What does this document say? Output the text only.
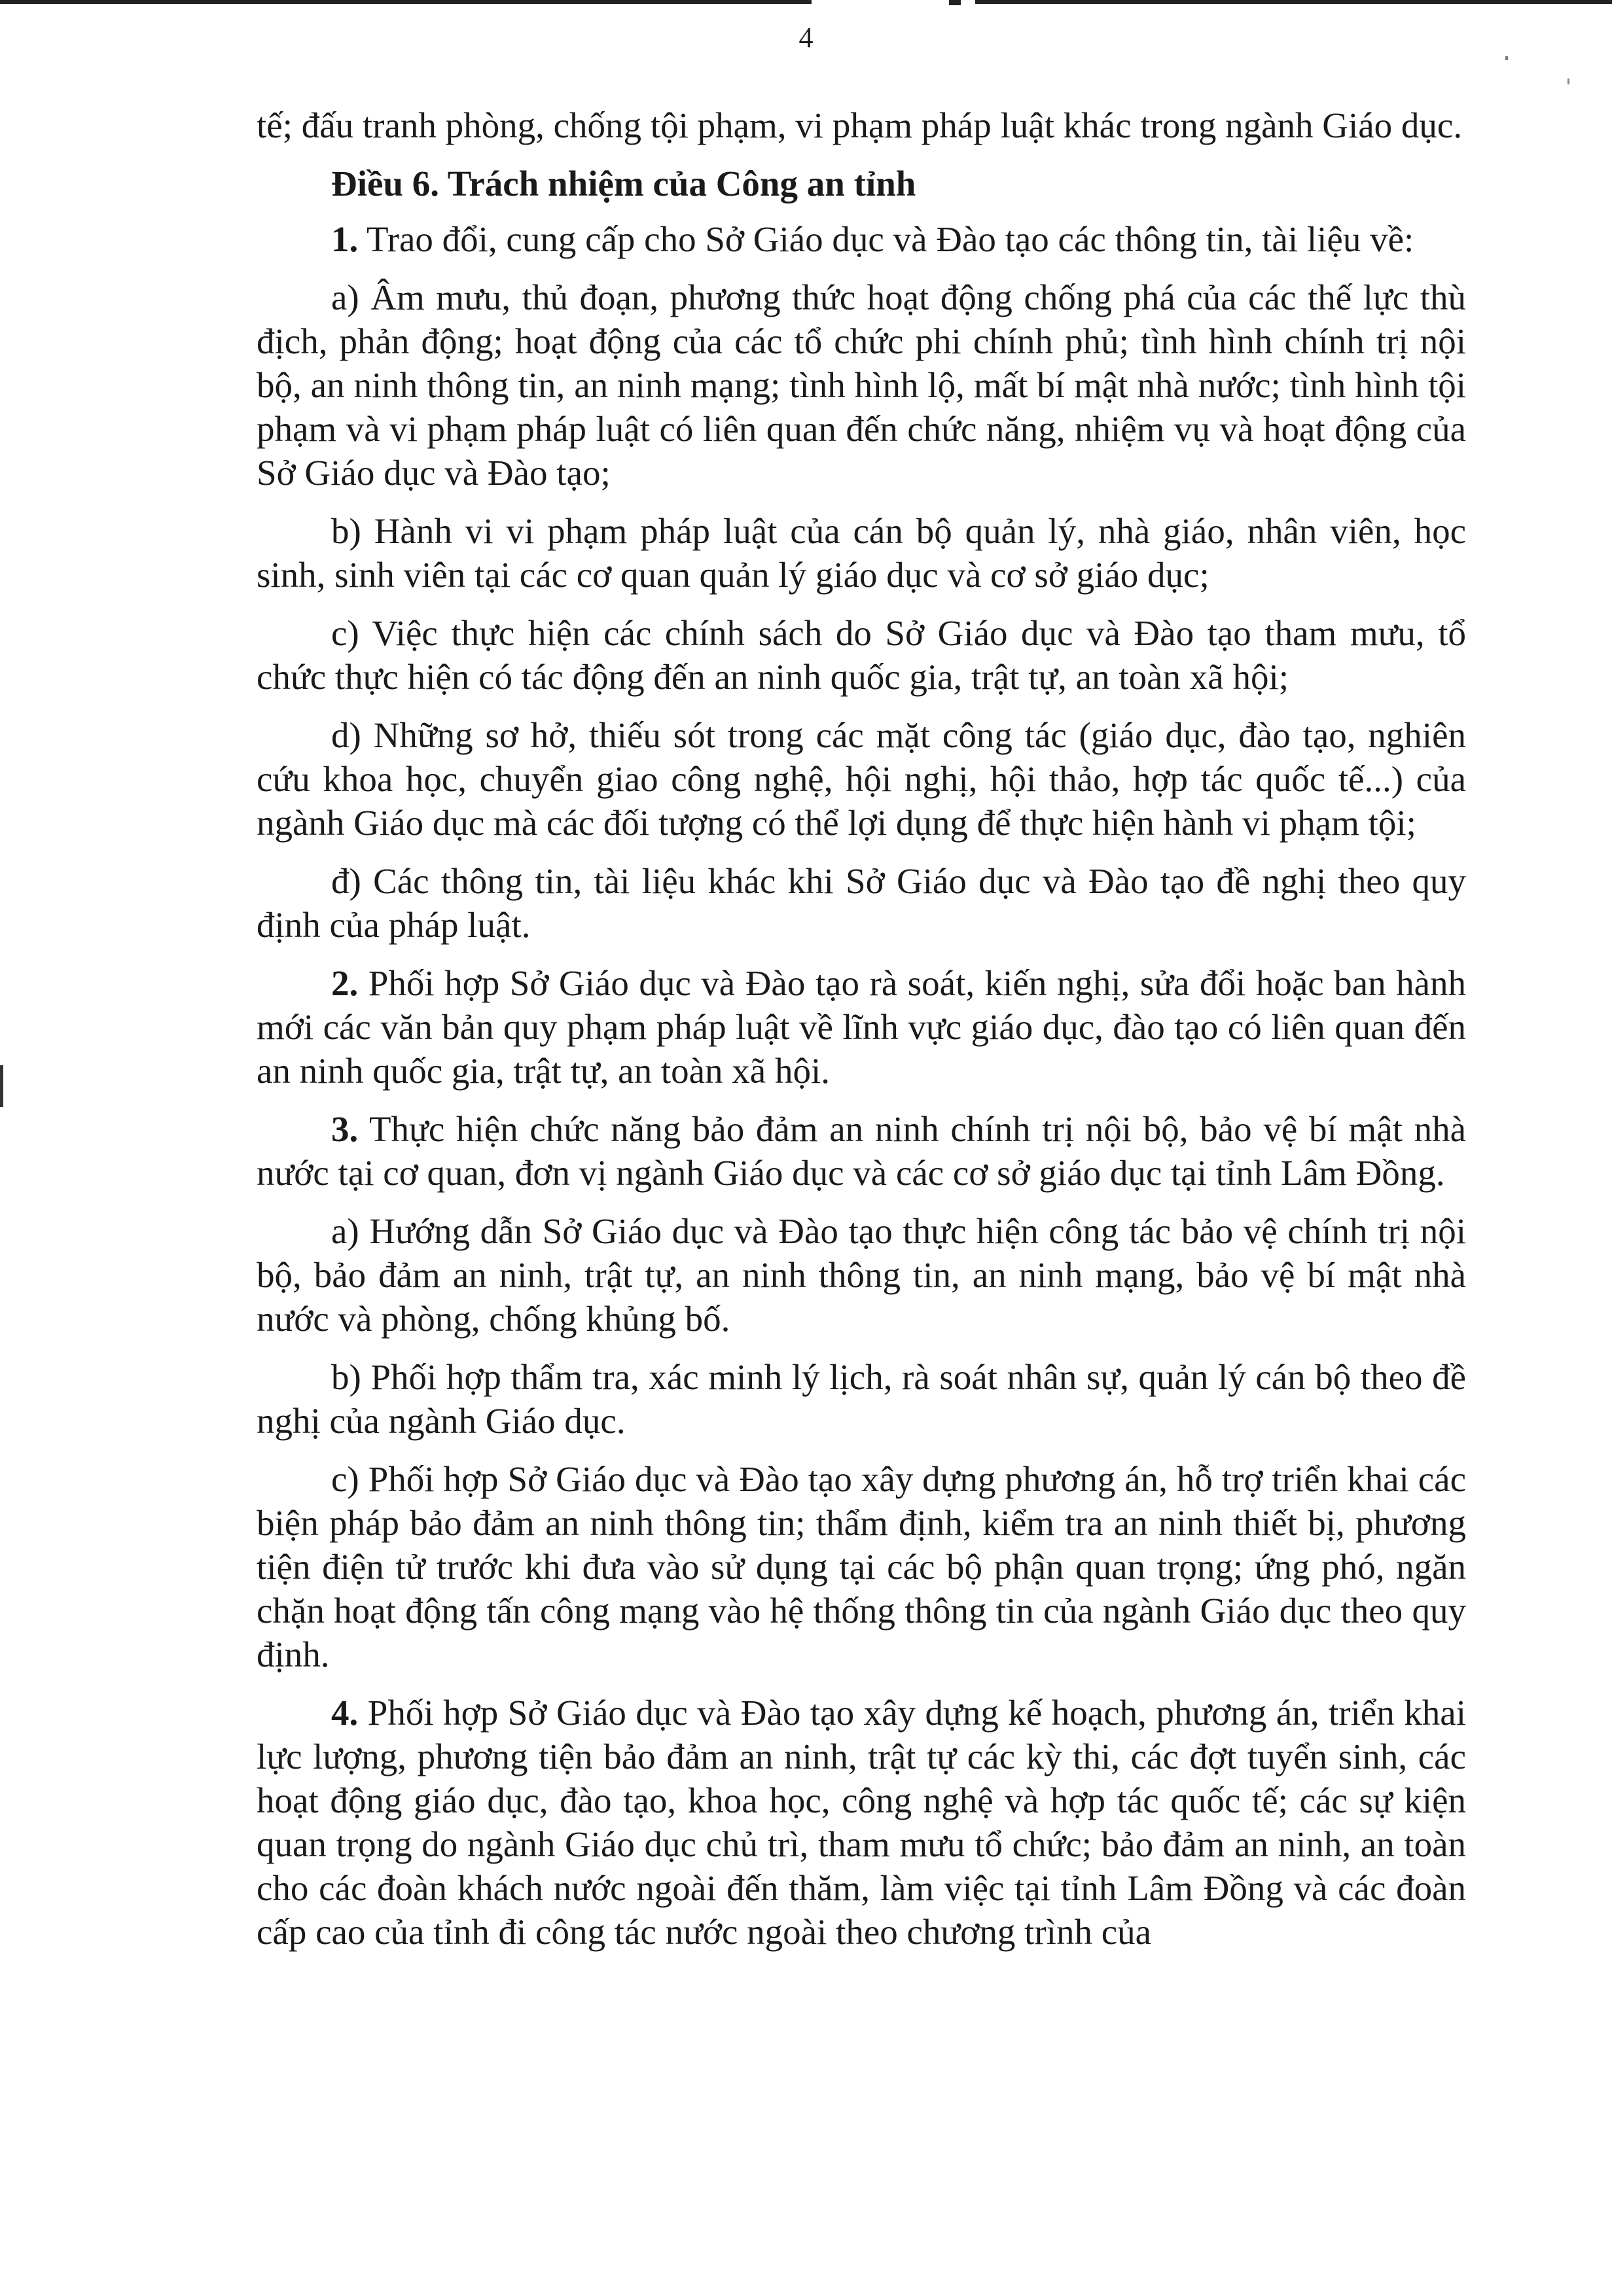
4

tế; đấu tranh phòng, chống tội phạm, vi phạm pháp luật khác trong ngành Giáo dục.

Điều 6. Trách nhiệm của Công an tỉnh

1. Trao đổi, cung cấp cho Sở Giáo dục và Đào tạo các thông tin, tài liệu về:

a) Âm mưu, thủ đoạn, phương thức hoạt động chống phá của các thế lực thù địch, phản động; hoạt động của các tổ chức phi chính phủ; tình hình chính trị nội bộ, an ninh thông tin, an ninh mạng; tình hình lộ, mất bí mật nhà nước; tình hình tội phạm và vi phạm pháp luật có liên quan đến chức năng, nhiệm vụ và hoạt động của Sở Giáo dục và Đào tạo;

b) Hành vi vi phạm pháp luật của cán bộ quản lý, nhà giáo, nhân viên, học sinh, sinh viên tại các cơ quan quản lý giáo dục và cơ sở giáo dục;

c) Việc thực hiện các chính sách do Sở Giáo dục và Đào tạo tham mưu, tổ chức thực hiện có tác động đến an ninh quốc gia, trật tự, an toàn xã hội;

d) Những sơ hở, thiếu sót trong các mặt công tác (giáo dục, đào tạo, nghiên cứu khoa học, chuyển giao công nghệ, hội nghị, hội thảo, hợp tác quốc tế...) của ngành Giáo dục mà các đối tượng có thể lợi dụng để thực hiện hành vi phạm tội;

đ) Các thông tin, tài liệu khác khi Sở Giáo dục và Đào tạo đề nghị theo quy định của pháp luật.

2. Phối hợp Sở Giáo dục và Đào tạo rà soát, kiến nghị, sửa đổi hoặc ban hành mới các văn bản quy phạm pháp luật về lĩnh vực giáo dục, đào tạo có liên quan đến an ninh quốc gia, trật tự, an toàn xã hội.

3. Thực hiện chức năng bảo đảm an ninh chính trị nội bộ, bảo vệ bí mật nhà nước tại cơ quan, đơn vị ngành Giáo dục và các cơ sở giáo dục tại tỉnh Lâm Đồng.

a) Hướng dẫn Sở Giáo dục và Đào tạo thực hiện công tác bảo vệ chính trị nội bộ, bảo đảm an ninh, trật tự, an ninh thông tin, an ninh mạng, bảo vệ bí mật nhà nước và phòng, chống khủng bố.

b) Phối hợp thẩm tra, xác minh lý lịch, rà soát nhân sự, quản lý cán bộ theo đề nghị của ngành Giáo dục.

c) Phối hợp Sở Giáo dục và Đào tạo xây dựng phương án, hỗ trợ triển khai các biện pháp bảo đảm an ninh thông tin; thẩm định, kiểm tra an ninh thiết bị, phương tiện điện tử trước khi đưa vào sử dụng tại các bộ phận quan trọng; ứng phó, ngăn chặn hoạt động tấn công mạng vào hệ thống thông tin của ngành Giáo dục theo quy định.

4. Phối hợp Sở Giáo dục và Đào tạo xây dựng kế hoạch, phương án, triển khai lực lượng, phương tiện bảo đảm an ninh, trật tự các kỳ thi, các đợt tuyển sinh, các hoạt động giáo dục, đào tạo, khoa học, công nghệ và hợp tác quốc tế; các sự kiện quan trọng do ngành Giáo dục chủ trì, tham mưu tổ chức; bảo đảm an ninh, an toàn cho các đoàn khách nước ngoài đến thăm, làm việc tại tỉnh Lâm Đồng và các đoàn cấp cao của tỉnh đi công tác nước ngoài theo chương trình của
